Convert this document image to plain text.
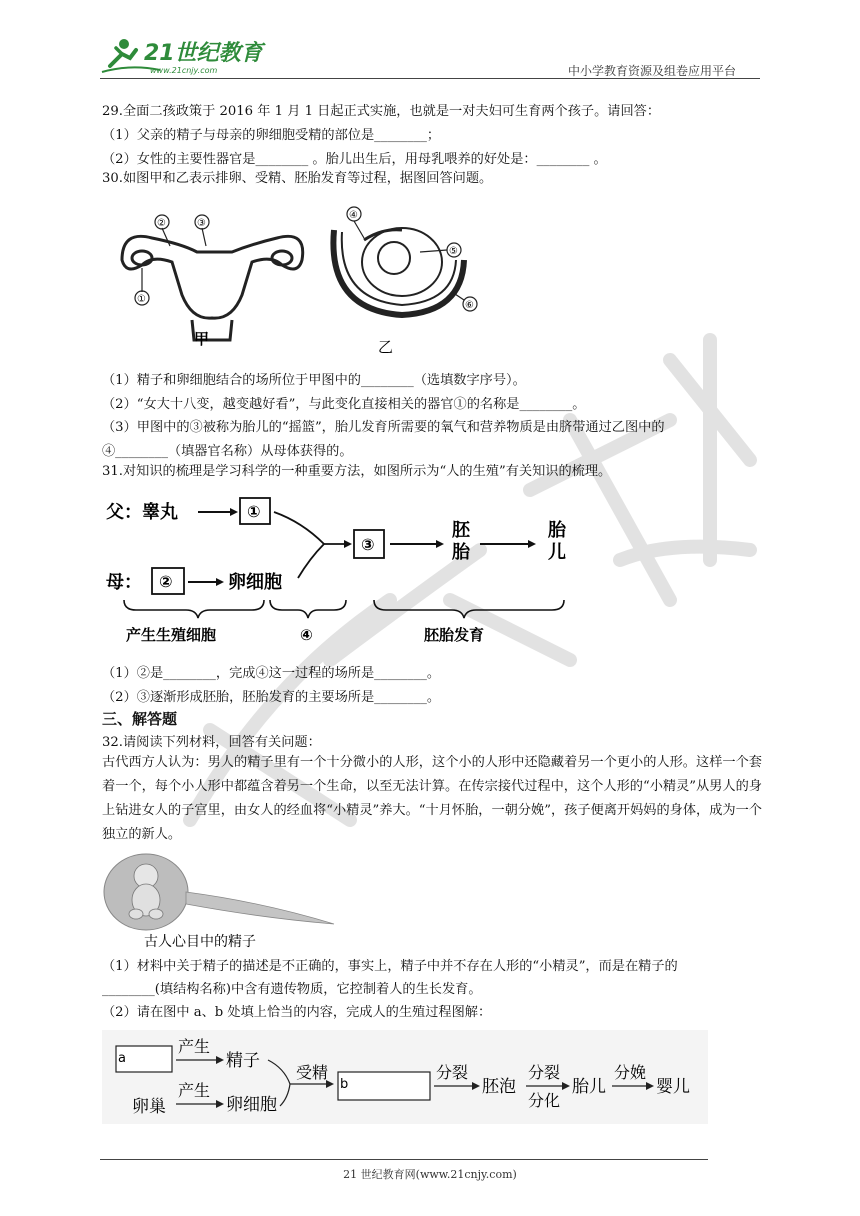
21世纪教育
www.21cnjy.com	中小学教育资源及组卷应用平台
29.全面二孩政策于 2016 年 1 月 1 日起正式实施，也就是一对夫妇可生育两个孩子。请回答：
（1）父亲的精子与母亲的卵细胞受精的部位是________；
（2）女性的主要性器官是________ 。胎儿出生后，用母乳喂养的好处是：________ 。
30.如图甲和乙表示排卵、受精、胚胎发育等过程，据图回答问题。
②	③
①
甲
④
⑤
⑥
乙
（1）精子和卵细胞结合的场所位于甲图中的________（选填数字序号）。
（2）“女大十八变，越变越好看”，与此变化直接相关的器官①的名称是________。
（3）甲图中的③被称为胎儿的“摇篮”，胎儿发育所需要的氧气和营养物质是由脐带通过乙图中的
④________（填器官名称）从母体获得的。
31.对知识的梳理是学习科学的一种重要方法，如图所示为“人的生殖”有关知识的梳理。
父：睾丸	①
母： ②	卵细胞
③
胚
胎
胎
儿
产生生殖细胞	④	胚胎发育
（1）②是________，完成④这一过程的场所是________。
（2）③逐渐形成胚胎，胚胎发育的主要场所是________。
三、解答题
32.请阅读下列材料，回答有关问题：
古代西方人认为：男人的精子里有一个十分微小的人形，这个小的人形中还隐藏着另一个更小的人形。这样一个套着一个，每个小人形中都蕴含着另一个生命，以至无法计算。在传宗接代过程中，这个人形的“小精灵”从男人的身上钻进女人的子宫里，由女人的经血将“小精灵”养大。“十月怀胎，一朝分娩”，孩子便离开妈妈的身体，成为一个独立的新人。
古人心目中的精子
（1）材料中关于精子的描述是不正确的，事实上，精子中并不存在人形的“小精灵”，而是在精子的
________(填结构名称)中含有遗传物质，它控制着人的生长发育。
（2）请在图中 a、b 处填上恰当的内容，完成人的生殖过程图解：
a
产生
精子
卵巢
产生
卵细胞
受精
b
分裂
胚泡
分裂
分化
胎儿
分娩
婴儿
21 世纪教育网(www.21cnjy.com)
